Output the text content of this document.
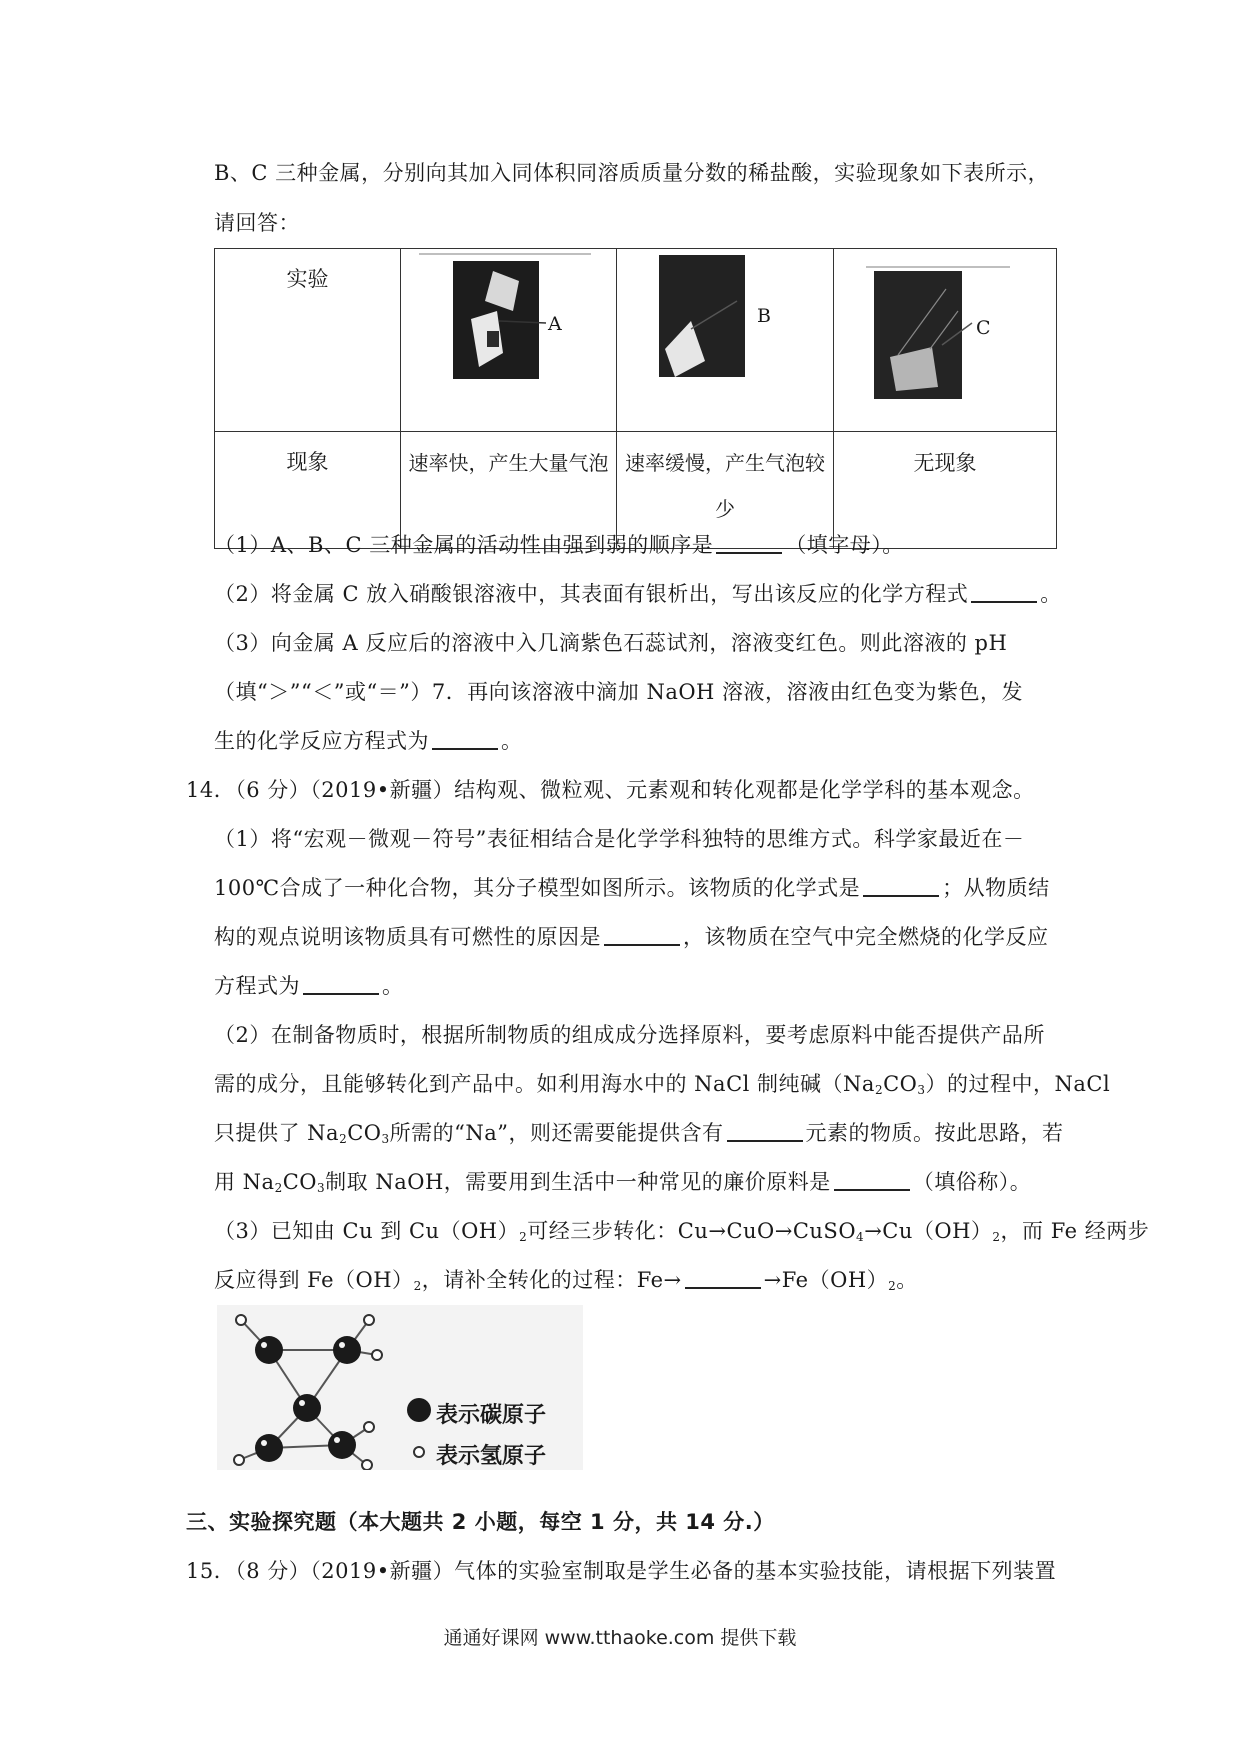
B、C 三种金属，分别向其加入同体积同溶质质量分数的稀盐酸，实验现象如下表所示，
请回答：
实验	A	B	C

现象	速率快，产生大量气泡	速率缓慢，产生气泡较
少	无现象
（1）A、B、C 三种金属的活动性由强到弱的顺序是	（填字母）。
（2）将金属 C 放入硝酸银溶液中，其表面有银析出，写出该反应的化学方程式	。
（3）向金属 A 反应后的溶液中入几滴紫色石蕊试剂，溶液变红色。则此溶液的 pH
（填“＞”“＜”或“＝”）7．再向该溶液中滴加 NaOH 溶液，溶液由红色变为紫色，发
生的化学反应方程式为	。
14．（6 分）（2019•新疆）结构观、微粒观、元素观和转化观都是化学学科的基本观念。
（1）将“宏观－微观－符号”表征相结合是化学学科独特的思维方式。科学家最近在－
100℃合成了一种化合物，其分子模型如图所示。该物质的化学式是	；从物质结
构的观点说明该物质具有可燃性的原因是	，该物质在空气中完全燃烧的化学反应
方程式为	。
（2）在制备物质时，根据所制物质的组成成分选择原料，要考虑原料中能否提供产品所
需的成分，且能够转化到产品中。如利用海水中的 NaCl 制纯碱$(Na_2CO_3)$的过程中，NaCl
只提供了 $Na_2CO_3$所需的“Na”，则还需要能提供含有	元素的物质。按此思路，若
用 $Na_2CO_3$制取 NaOH，需要用到生活中一种常见的廉价原料是	（填俗称）。
（3）已知由 Cu 到 $Cu(OH)_2$可经三步转化：$Cu\to CuO\to CuSO_4\to Cu(OH)_2$，而 Fe 经两步
反应得到 $Fe(OH)_2$，请补全转化的过程：Fe→	$\to Fe(OH)_2$。
表示碳原子
表示氢原子
三、实验探究题（本大题共 2 小题，每空 1 分，共 14 分.）
15．（8 分）（2019•新疆）气体的实验室制取是学生必备的基本实验技能，请根据下列装置
通通好课网 www.tthaoke.com 提供下载
